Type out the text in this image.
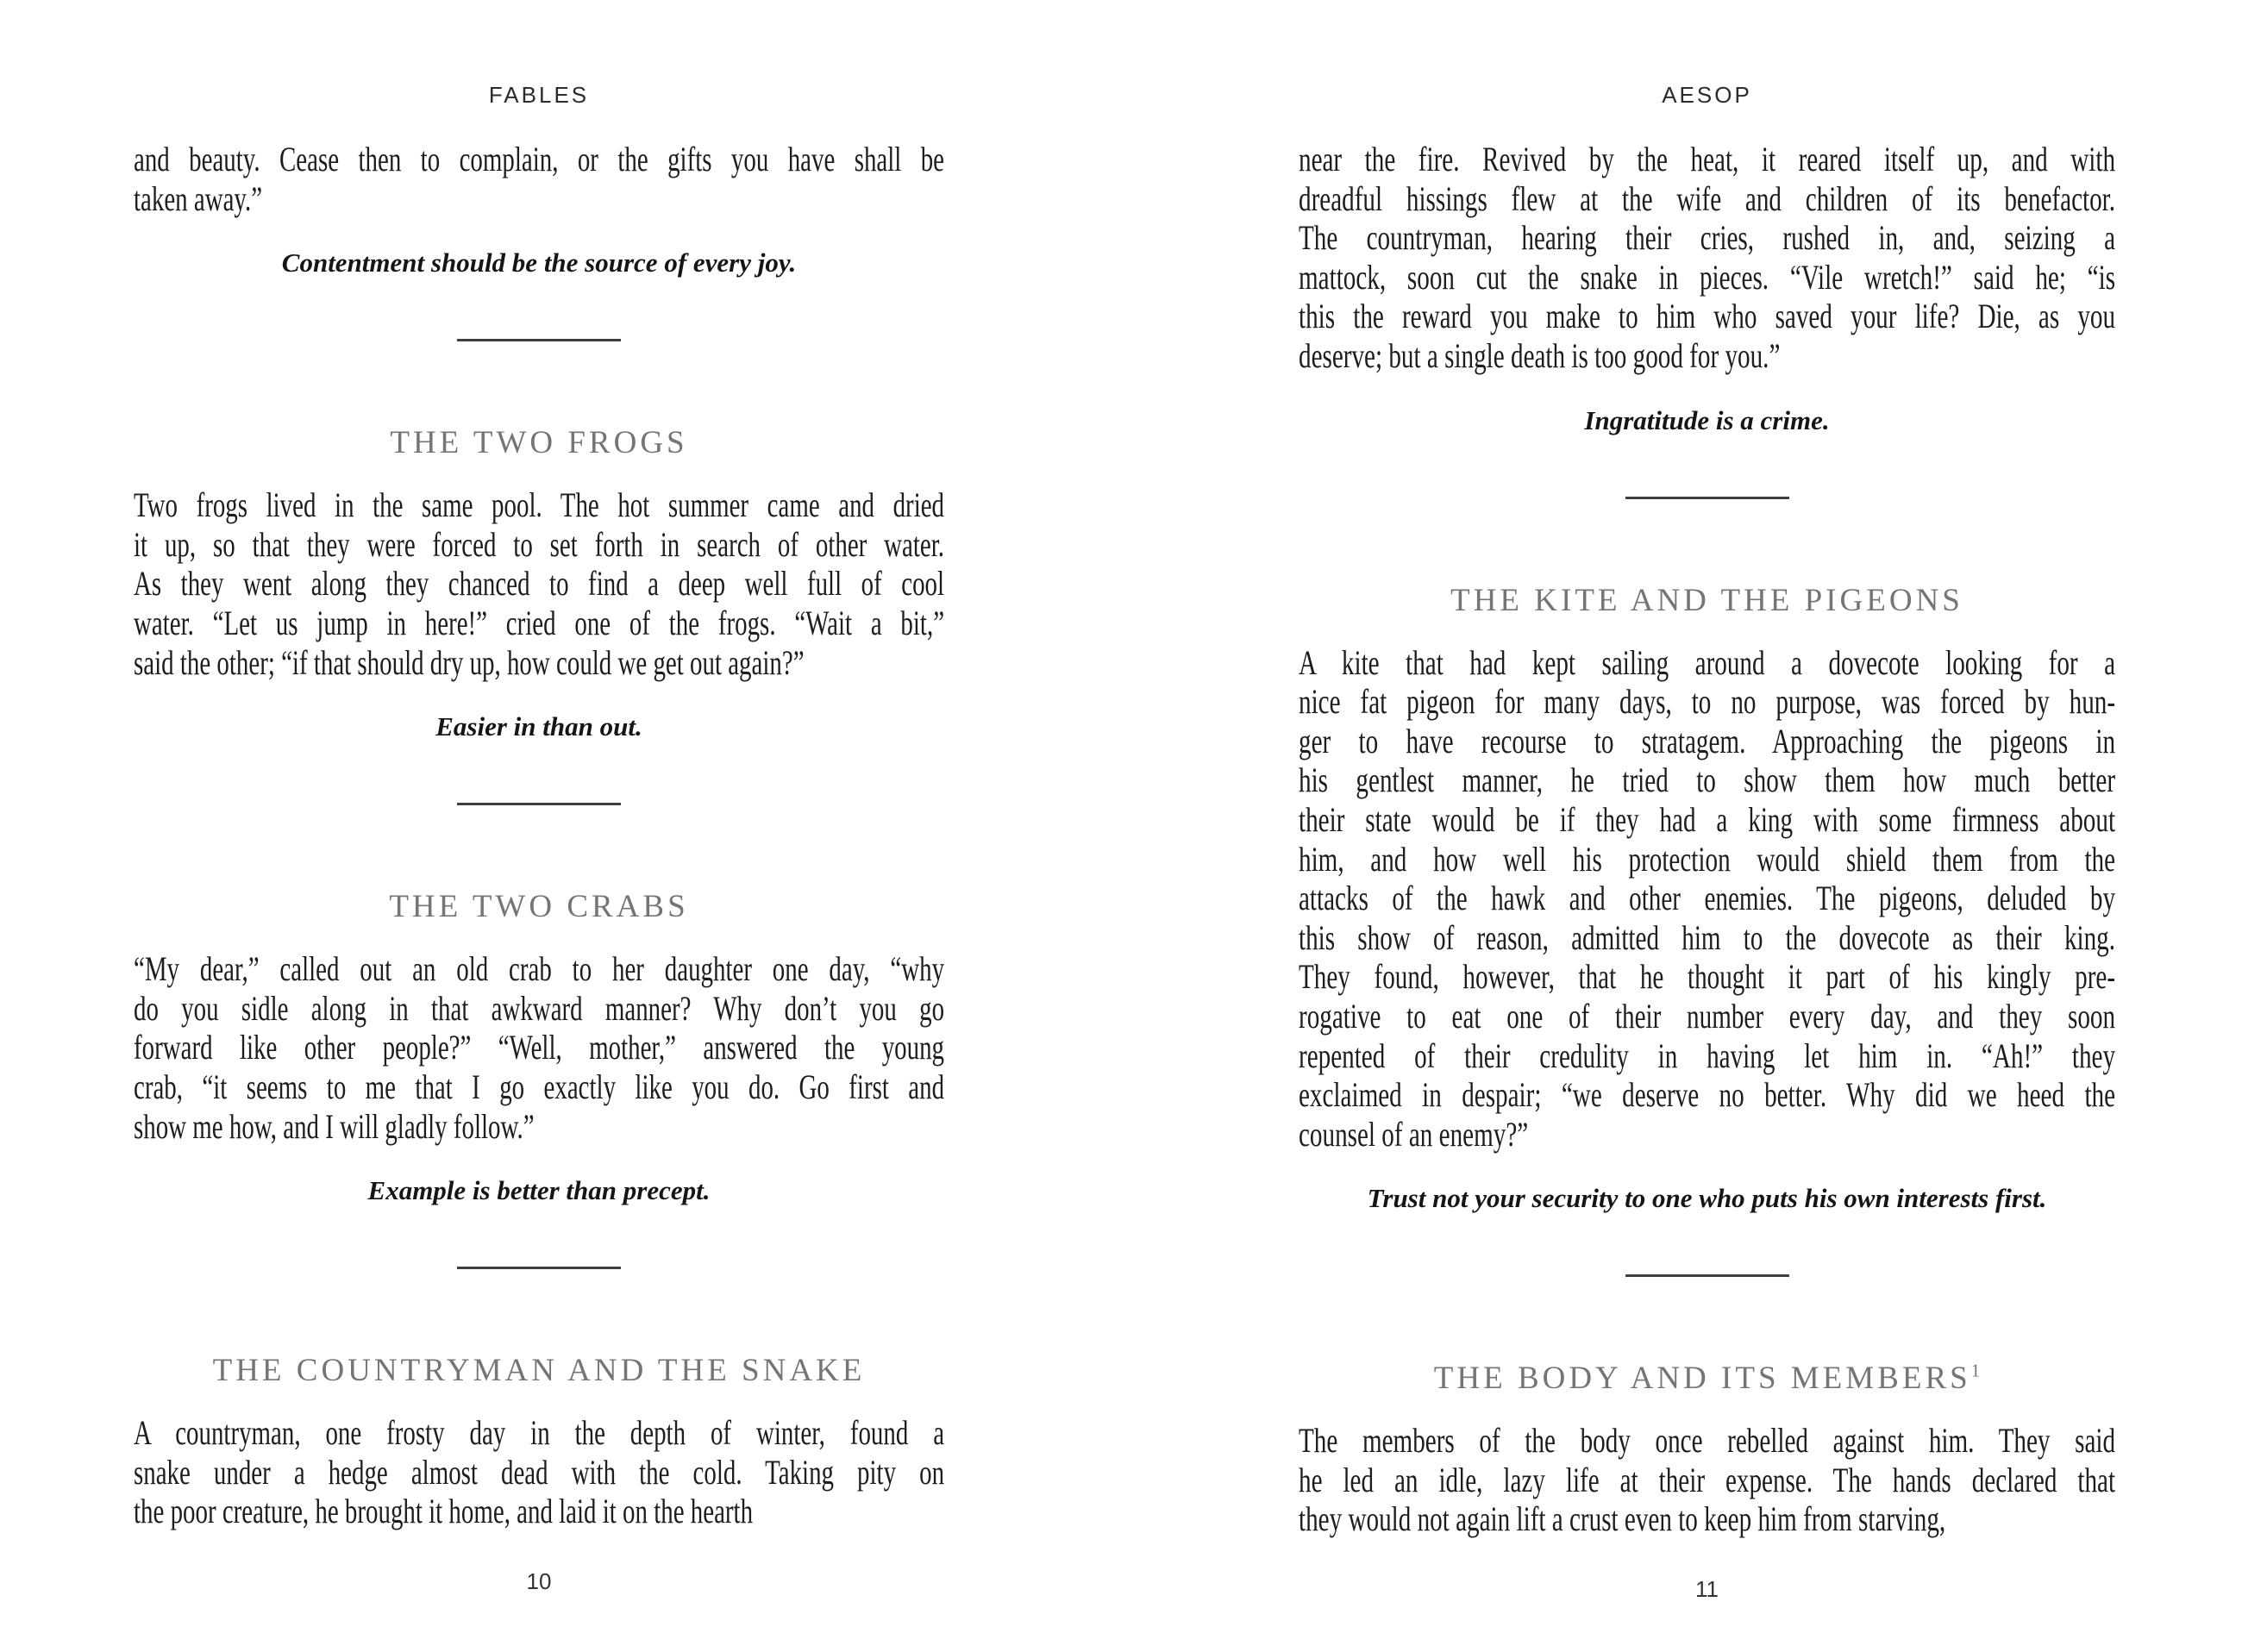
FABLES
and beauty. Cease then to complain, or the gifts you have shall be
taken away.”

Contentment should be the source of every joy.

THE TWO FROGS
Two frogs lived in the same pool. The hot summer came and dried
it up, so that they were forced to set forth in search of other water.
As they went along they chanced to find a deep well full of cool
water. “Let us jump in here!” cried one of the frogs. “Wait a bit,”
said the other; “if that should dry up, how could we get out again?”

Easier in than out.

THE TWO CRABS
“My dear,” called out an old crab to her daughter one day, “why
do you sidle along in that awkward manner? Why don’t you go
forward like other people?” “Well, mother,” answered the young
crab, “it seems to me that I go exactly like you do. Go first and
show me how, and I will gladly follow.”

Example is better than precept.

THE COUNTRYMAN AND THE SNAKE
A countryman, one frosty day in the depth of winter, found a
snake under a hedge almost dead with the cold. Taking pity on
the poor creature, he brought it home, and laid it on the hearth
10
AESOP
near the fire. Revived by the heat, it reared itself up, and with
dreadful hissings flew at the wife and children of its benefactor.
The countryman, hearing their cries, rushed in, and, seizing a
mattock, soon cut the snake in pieces. “Vile wretch!” said he; “is
this the reward you make to him who saved your life? Die, as you
deserve; but a single death is too good for you.”

Ingratitude is a crime.

THE KITE AND THE PIGEONS
A kite that had kept sailing around a dovecote looking for a
nice fat pigeon for many days, to no purpose, was forced by hun-
ger to have recourse to stratagem. Approaching the pigeons in
his gentlest manner, he tried to show them how much better
their state would be if they had a king with some firmness about
him, and how well his protection would shield them from the
attacks of the hawk and other enemies. The pigeons, deluded by
this show of reason, admitted him to the dovecote as their king.
They found, however, that he thought it part of his kingly pre-
rogative to eat one of their number every day, and they soon
repented of their credulity in having let him in. “Ah!” they
exclaimed in despair; “we deserve no better. Why did we heed the
counsel of an enemy?”

Trust not your security to one who puts his own interests first.

THE BODY AND ITS MEMBERS$^1$
The members of the body once rebelled against him. They said
he led an idle, lazy life at their expense. The hands declared that
they would not again lift a crust even to keep him from starving,
11
